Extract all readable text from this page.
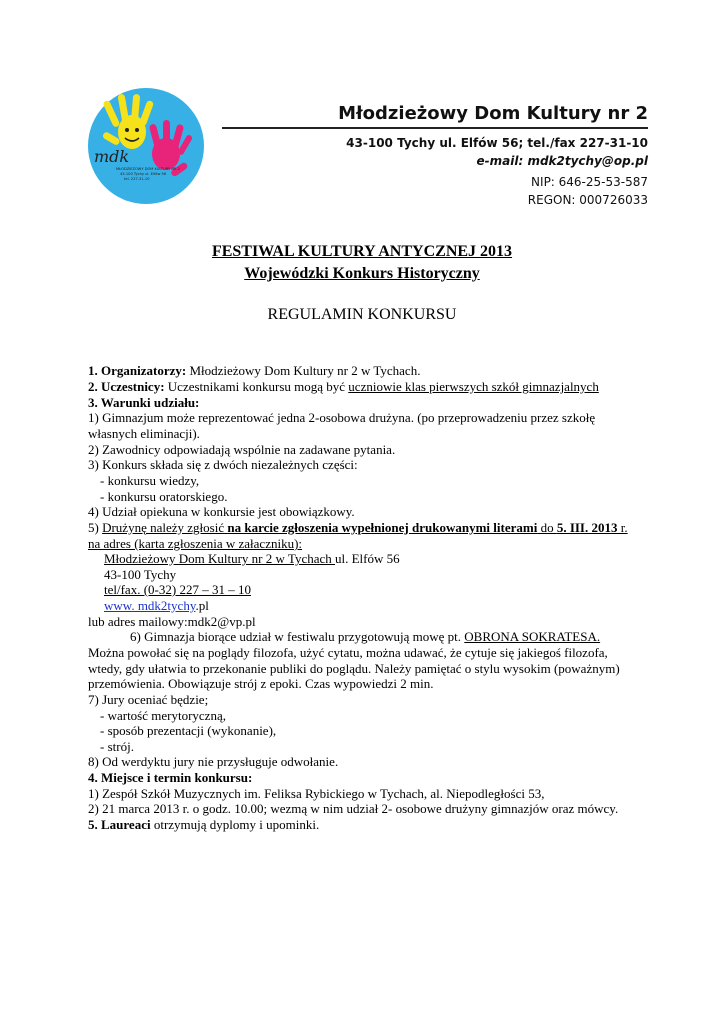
mdk
MŁODZIEŻOWY DOM KULTURY NR 2
43-100 Tychy ul. Elfów 56
tel. 227-31-10
Młodzieżowy Dom Kultury nr 2
43-100 Tychy ul. Elfów 56; tel./fax 227-31-10
e-mail: mdk2tychy@op.pl
NIP: 646-25-53-587
REGON: 000726033
FESTIWAL KULTURY ANTYCZNEJ 2013
Wojewódzki Konkurs Historyczny
REGULAMIN KONKURSU
1. Organizatorzy: Młodzieżowy Dom Kultury nr 2 w Tychach.
2. Uczestnicy: Uczestnikami konkursu mogą być uczniowie klas pierwszych szkół gimnazjalnych
3. Warunki udziału:
1) Gimnazjum może reprezentować jedna 2-osobowa drużyna. (po przeprowadzeniu przez szkołę
własnych eliminacji).
2) Zawodnicy odpowiadają wspólnie na zadawane pytania.
3) Konkurs składa się z dwóch niezależnych części:
- konkursu wiedzy,
- konkursu oratorskiego.
4) Udział opiekuna w konkursie jest obowiązkowy.
5) Drużynę należy zgłosić na karcie zgłoszenia wypełnionej drukowanymi literami do 5. III. 2013 r.
na adres (karta zgłoszenia w załaczniku):
Młodzieżowy Dom Kultury nr 2 w Tychach ul. Elfów 56
43-100 Tychy
tel/fax. (0-32) 227 – 31 – 10
www. mdk2tychy.pl
lub adres mailowy:mdk2@vp.pl
6) Gimnazja biorące udział w festiwalu przygotowują mowę pt. OBRONA SOKRATESA.
Można powołać się na poglądy filozofa, użyć cytatu, można udawać, że cytuje się jakiegoś filozofa,
wtedy, gdy ułatwia to przekonanie publiki do poglądu. Należy pamiętać o stylu wysokim (poważnym)
przemówienia. Obowiązuje strój z epoki. Czas wypowiedzi 2 min.
7) Jury oceniać będzie;
- wartość merytoryczną,
- sposób prezentacji (wykonanie),
- strój.
8) Od werdyktu jury nie przysługuje odwołanie.
4. Miejsce i termin konkursu:
1) Zespół Szkół Muzycznych im. Feliksa Rybickiego w Tychach, al. Niepodległości 53,
2) 21 marca 2013 r. o godz. 10.00; wezmą w nim udział 2- osobowe drużyny gimnazjów oraz mówcy.
5. Laureaci otrzymują dyplomy i upominki.
